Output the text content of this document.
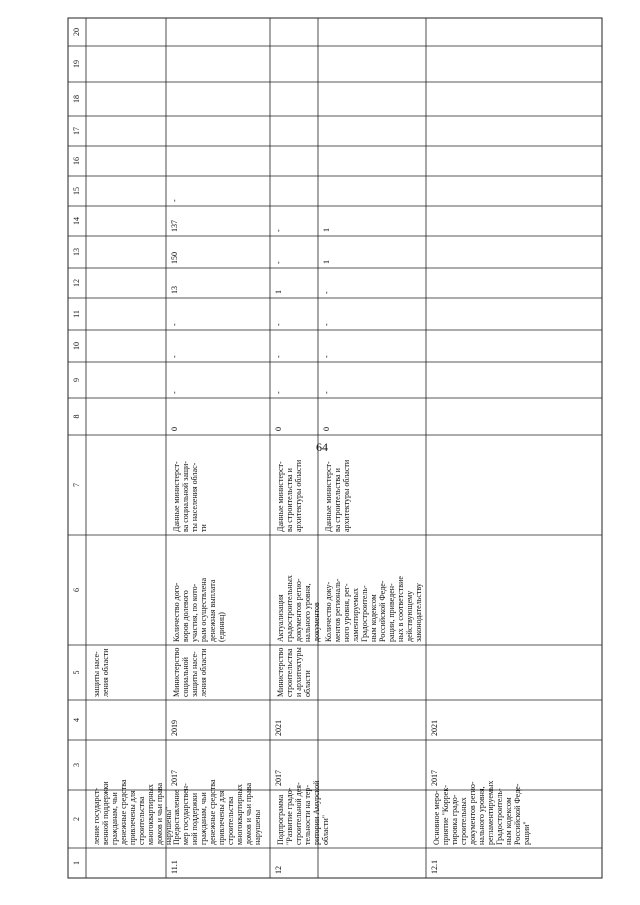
64
1
2
3
4
5
6
7
8
9
10
11
12
13
14
15
16
17
18
19
20
ление государст- венной поддержки гражданам, чьи денежные средства привлечены для строительства многоквартирных домов и чьи права нарушены"
защиты насе- ления области
11.1
Предоставление мер государствен- ной поддержки гражданам, чьи денежные средства привлечены для строительства многоквартирных домов и чьи права нарушены
2017
2019
Министерство социальной защиты насе- ления области
Количество дого- воров долевого участия, по кото- рым осуществлена денежная выплата (единиц)
Данные министерст- ва социальной защи- ты населения облас- ти
0
-
-
-
13
150
137
-
12
Подпрограмма "Развитие градо- строительной дея- тельности на тер- ритории Амурской области"
2017
2021
Министерство строительства и архитектуры области
Актуализация градостроительных документов регио- нального уровня, документов
Данные министерст- ва строительства и архитектуры области
0
-
-
-
1
-
-
Количество доку- ментов региональ- ного уровня, рег- ламентируемых Градостроитель- ным кодексом Российской Феде- рации, приведен- ных в соответствие действующему законодательству
Данные министерст- ва строительства и архитектуры области
0
-
-
-
-
1
1
12.1
Основное меро- приятие "Коррек- тировка градо- строительных документов регио- нального уровня, регламентируемых Градостроитель- ным кодексом Российской Феде- рации"
2017
2021
